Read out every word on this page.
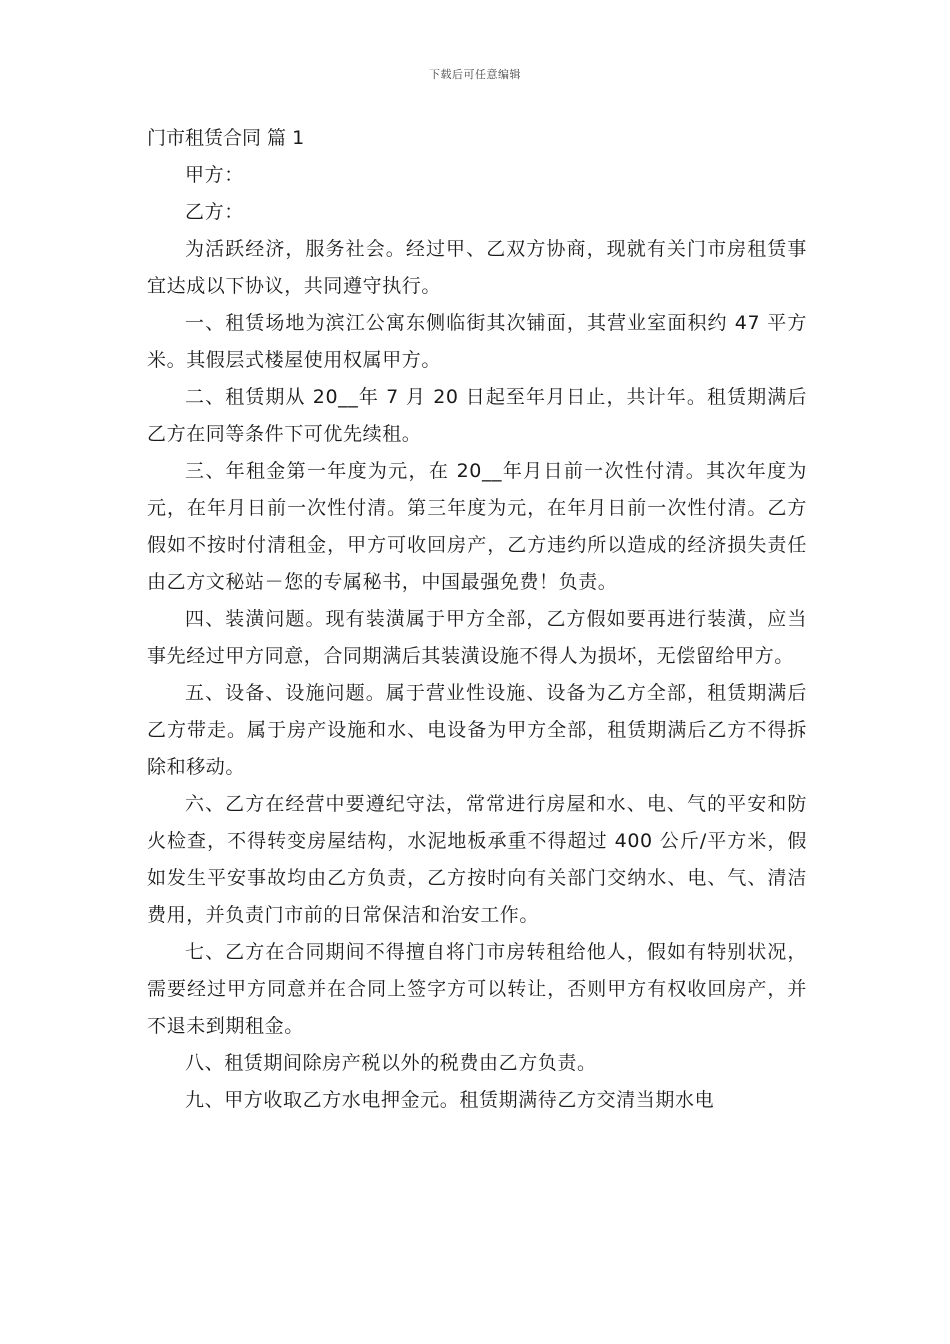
下载后可任意编辑

门市租赁合同 篇 1

甲方：

乙方：

为活跃经济，服务社会。经过甲、乙双方协商，现就有关门市房租赁事宜达成以下协议，共同遵守执行。

一、租赁场地为滨江公寓东侧临街其次铺面，其营业室面积约 47 平方米。其假层式楼屋使用权属甲方。

二、租赁期从 20__年 7 月 20 日起至年月日止，共计年。租赁期满后乙方在同等条件下可优先续租。

三、年租金第一年度为元，在 20__年月日前一次性付清。其次年度为元，在年月日前一次性付清。第三年度为元，在年月日前一次性付清。乙方假如不按时付清租金，甲方可收回房产，乙方违约所以造成的经济损失责任由乙方文秘站－您的专属秘书，中国最强免费！负责。

四、装潢问题。现有装潢属于甲方全部，乙方假如要再进行装潢，应当事先经过甲方同意，合同期满后其装潢设施不得人为损坏，无偿留给甲方。

五、设备、设施问题。属于营业性设施、设备为乙方全部，租赁期满后乙方带走。属于房产设施和水、电设备为甲方全部，租赁期满后乙方不得拆除和移动。

六、乙方在经营中要遵纪守法，常常进行房屋和水、电、气的平安和防火检查，不得转变房屋结构，水泥地板承重不得超过 400 公斤/平方米，假如发生平安事故均由乙方负责，乙方按时向有关部门交纳水、电、气、清洁费用，并负责门市前的日常保洁和治安工作。

七、乙方在合同期间不得擅自将门市房转租给他人，假如有特别状况，需要经过甲方同意并在合同上签字方可以转让，否则甲方有权收回房产，并不退未到期租金。

八、租赁期间除房产税以外的税费由乙方负责。

九、甲方收取乙方水电押金元。租赁期满待乙方交清当期水电
